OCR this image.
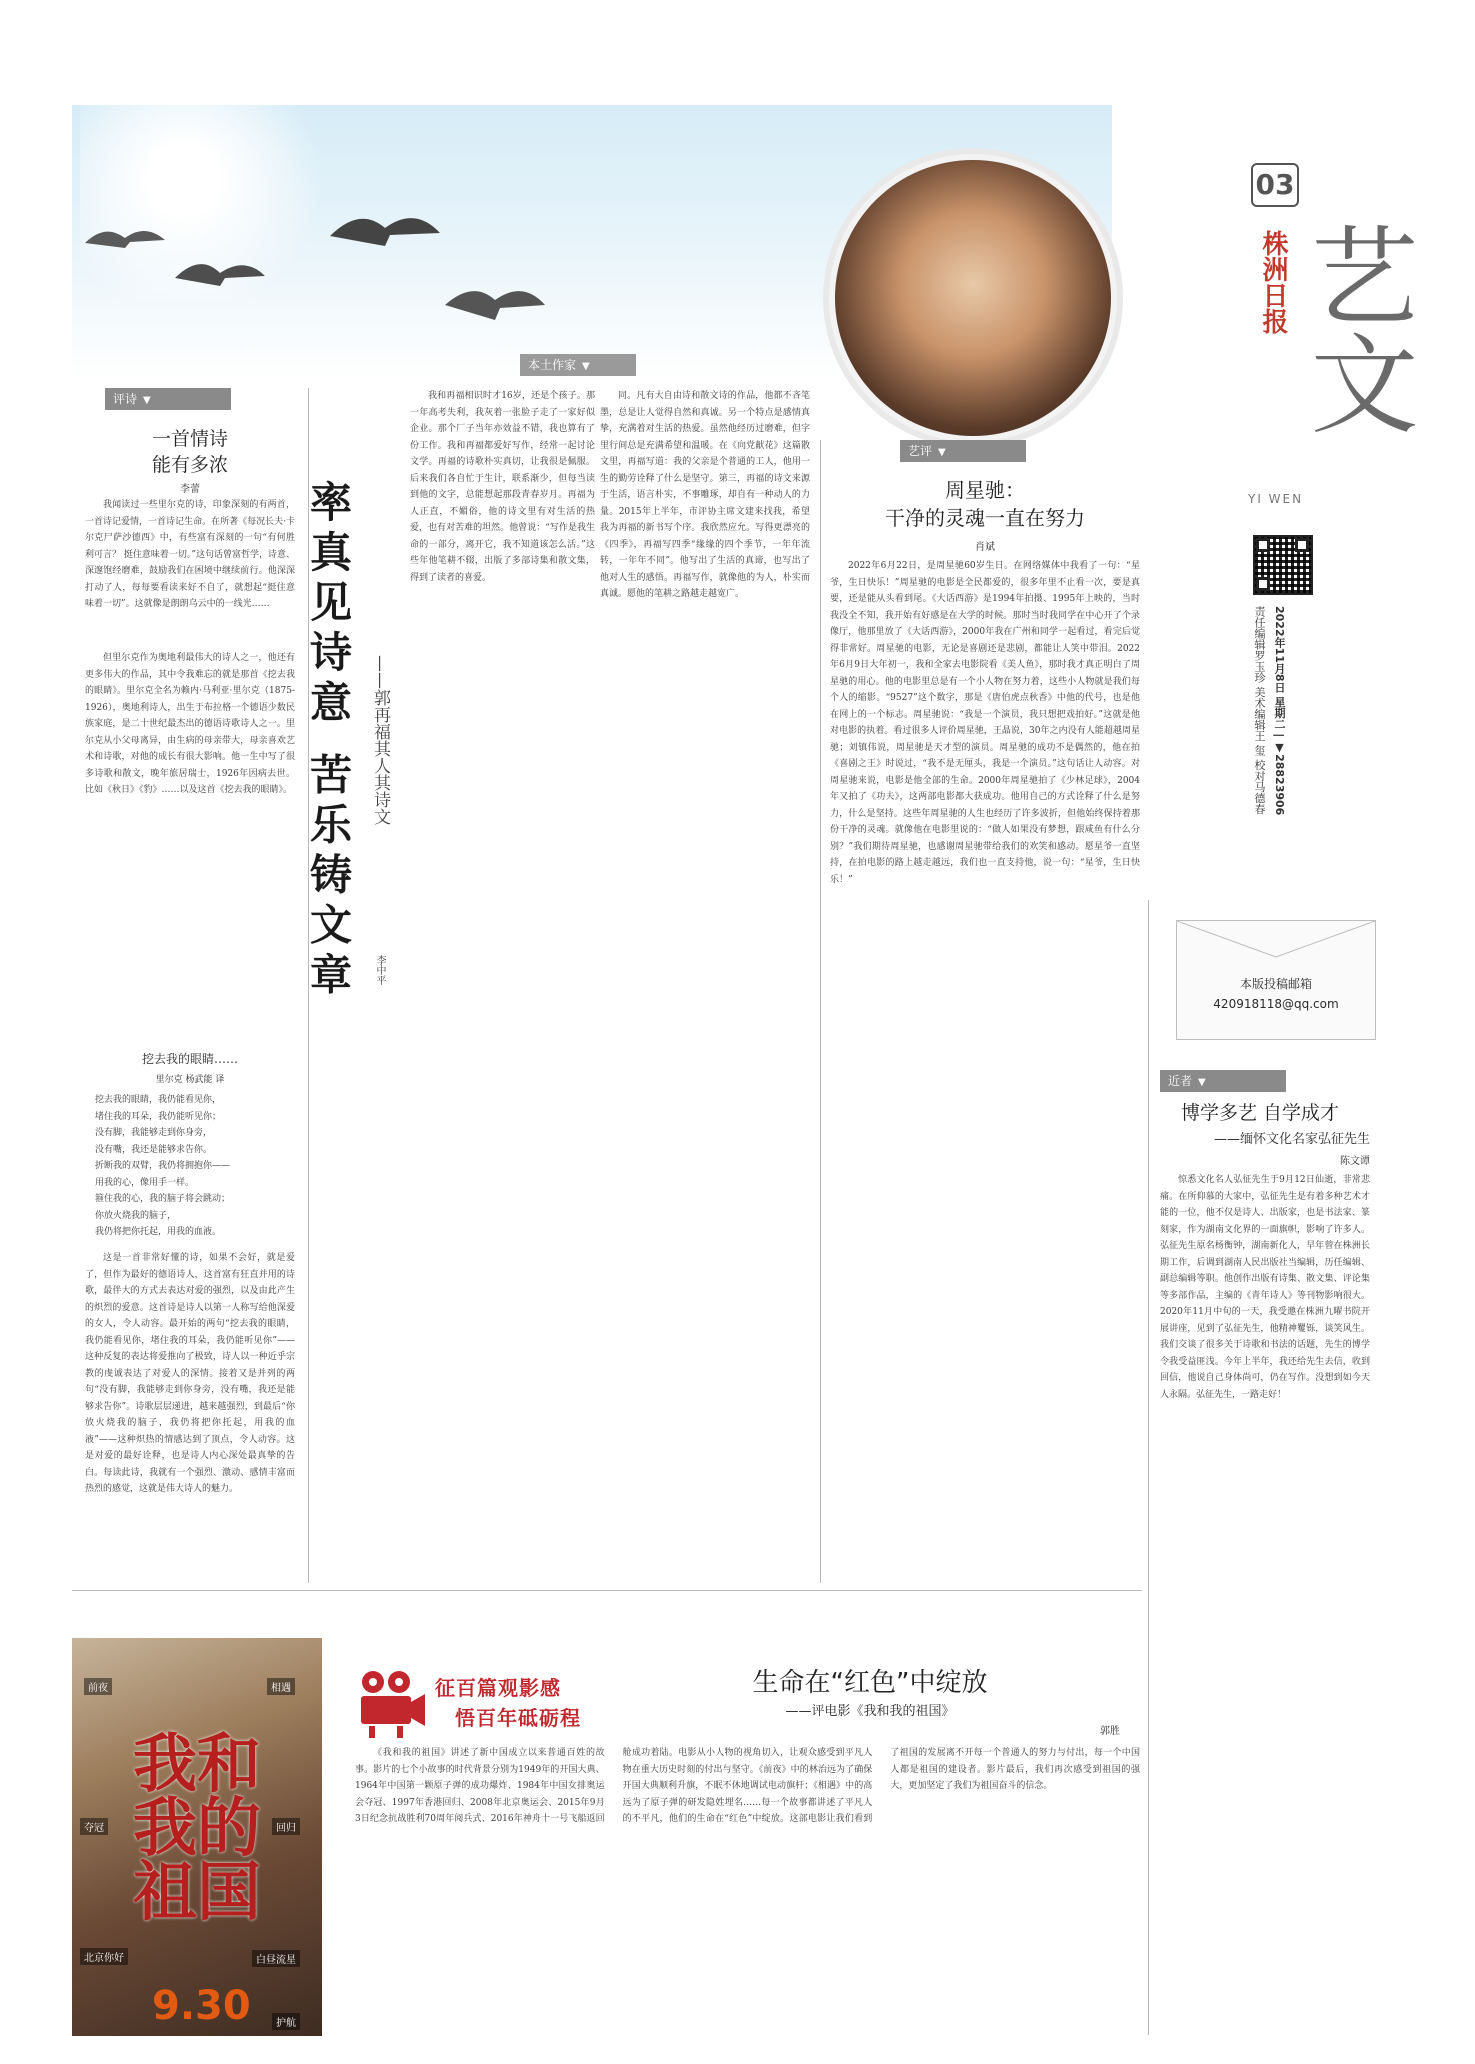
03
株洲日报 艺文
YI WEN
责任编辑罗玉珍 美术编辑王 玺 校对马德春 2022年11月8日 星期二 | ▼28823906
评诗 ▼
一首情诗
能有多浓
李蕾
我闻读过一些里尔克的诗，印象深刻的有两首，一首诗记爱情，一首诗记生命。在所著《每况长夫·卡尔克尸萨沙德西》中，有些富有深刻的一句“有何胜利可言？ 挺住意味着一切。”这句话曾富哲学，诗意、深邃饱经磨难，鼓励我们在困境中继续前行。他深深打动了人，每每要看读来好不自了，就想起“挺住意味着一切”。这就像是朗朗乌云中的一线光……
但里尔克作为奥地利最伟大的诗人之一，他还有更多伟大的作品，其中令我难忘的就是那首《挖去我的眼睛》。里尔克全名为赖内·马利亚·里尔克（1875-1926），奥地利诗人，出生于布拉格一个德语少数民族家庭，是二十世纪最杰出的德语诗歌诗人之一。里尔克从小父母离异，由生病的母亲带大，母亲喜欢艺术和诗歌，对他的成长有很大影响。他一生中写了很多诗歌和散文，晚年旅居瑞士，1926年因病去世。比如《秋日》《豹》……以及这首《挖去我的眼睛》。
挖去我的眼睛……
里尔克 杨武能 译
挖去我的眼睛，我仍能看见你，
堵住我的耳朵，我仍能听见你；
没有脚，我能够走到你身旁，
没有嘴，我还是能够求告你。
折断我的双臂，我仍将拥抱你——
用我的心，像用手一样。
箍住我的心，我的脑子将会跳动；
你放火烧我的脑子，
我仍将把你托起，用我的血液。
这是一首非常好懂的诗，如果不会好，就是爱了，但作为最好的德语诗人，这首富有狂直并用的诗歌，最伴大的方式去表达对爱的强烈，以及由此产生的炽烈的爱意。这首诗是诗人以第一人称写给他深爱的女人，令人动容。最开始的两句“挖去我的眼睛，我仍能看见你，堵住我的耳朵，我仍能听见你”——这种反复的表达将爱推向了极致，诗人以一种近乎宗教的虔诚表达了对爱人的深情。接着又是并列的两句“没有脚，我能够走到你身旁，没有嘴，我还是能够求告你”。诗歌层层递进，越来越强烈，到最后“你放火烧我的脑子，我仍将把你托起，用我的血液”——这种炽热的情感达到了顶点，令人动容。这是对爱的最好诠释，也是诗人内心深处最真挚的告白。每读此诗，我就有一个强烈、激动、感情丰富而热烈的感觉，这就是伟大诗人的魅力。
本土作家 ▼
率真见诗意 苦乐铸文章 ——郭再福其人其诗文
李中平
我和再福相识时才16岁，还是个孩子。那一年高考失利，我灰着一张脸子走了一家好似企业。那个厂子当年亦效益不错，我也算有了份工作。我和再福都爱好写作，经常一起讨论文学。再福的诗歌朴实真切，让我很是佩服。后来我们各自忙于生计，联系渐少，但每当读到他的文字，总能想起那段青春岁月。再福为人正直，不媚俗，他的诗文里有对生活的热爱，也有对苦难的坦然。他曾说：“写作是我生命的一部分，离开它，我不知道该怎么活。”这些年他笔耕不辍，出版了多部诗集和散文集，得到了读者的喜爱。
同。凡有大自由诗和散文诗的作品，他都不吝笔墨，总是让人觉得自然和真诚。另一个特点是感情真挚，充满着对生活的热爱。虽然他经历过磨难，但字里行间总是充满希望和温暖。在《向党献花》这篇散文里，再福写道：我的父亲是个普通的工人，他用一生的勤劳诠释了什么是坚守。第三，再福的诗文来源于生活，语言朴实，不事雕琢，却自有一种动人的力量。2015年上半年，市评协主席文建来找我，希望我为再福的新书写个序。我欣然应允。写得更漂亮的《四季》，再福写四季“缘缘的四个季节，一年年流转，一年年不同”。他写出了生活的真谛，也写出了他对人生的感悟。再福写作，就像他的为人，朴实而真诚。愿他的笔耕之路越走越宽广。
艺评 ▼
周星驰：
干净的灵魂一直在努力
肖斌
2022年6月22日，是周星驰60岁生日。在网络媒体中我看了一句：“星爷，生日快乐！”周星驰的电影是全民都爱的，很多年里不止看一次，要是真要，还是能从头看到尾。《大话西游》是1994年拍摄、1995年上映的，当时我没全不知，我开始有好感是在大学的时候。那时当时我同学在中心开了个录像厅，他那里放了《大话西游》，2000年我在广州和同学一起看过，看完后觉得非常好。周星驰的电影，无论是喜剧还是悲剧，都能让人笑中带泪。2022年6月9日大年初一，我和全家去电影院看《美人鱼》，那时我才真正明白了周星驰的用心。他的电影里总是有一个小人物在努力着，这些小人物就是我们每个人的缩影。“9527”这个数字，那是《唐伯虎点秋香》中他的代号，也是他在网上的一个标志。周星驰说：“我是一个演员，我只想把戏拍好。”这就是他对电影的执着。看过很多人评价周星驰，王晶说，30年之内没有人能超越周星驰；刘镇伟说，周星驰是天才型的演员。周星驰的成功不是偶然的，他在拍《喜剧之王》时说过，“我不是无厘头，我是一个演员。”这句话让人动容。对周星驰来说，电影是他全部的生命。2000年周星驰拍了《少林足球》，2004年又拍了《功夫》，这两部电影都大获成功。他用自己的方式诠释了什么是努力，什么是坚持。这些年周星驰的人生也经历了许多波折，但他始终保持着那份干净的灵魂。就像他在电影里说的：“做人如果没有梦想，跟咸鱼有什么分别？”我们期待周星驰，也感谢周星驰带给我们的欢笑和感动。愿星爷一直坚持，在拍电影的路上越走越远，我们也一直支持他，说一句：“星爷，生日快乐！”
本版投稿邮箱
420918118@qq.com
近者 ▼
博学多艺 自学成才
——缅怀文化名家弘征先生
陈文谭
惊悉文化名人弘征先生于9月12日仙逝，非常悲痛。在所仰慕的大家中，弘征先生是有着多种艺术才能的一位，他不仅是诗人、出版家，也是书法家、篆刻家，作为湖南文化界的一面旗帜，影响了许多人。弘征先生原名杨衡钟，湖南新化人，早年曾在株洲长期工作，后调到湖南人民出版社当编辑，历任编辑、副总编辑等职。他创作出版有诗集、散文集、评论集等多部作品，主编的《青年诗人》等刊物影响很大。2020年11月中旬的一天，我受邀在株洲九曜书院开展讲座，见到了弘征先生，他精神矍铄，谈笑风生。我们交谈了很多关于诗歌和书法的话题，先生的博学令我受益匪浅。今年上半年，我还给先生去信，收到回信，他说自己身体尚可，仍在写作。没想到如今天人永隔。弘征先生，一路走好！
我和我的祖国
9.30
前夜	相遇
夺冠	回归
北京你好	白昼流星
护航
征百篇观影感
悟百年砥砺程
生命在“红色”中绽放
——评电影《我和我的祖国》
郭胜
《我和我的祖国》讲述了新中国成立以来普通百姓的故事。影片的七个小故事的时代背景分别为1949年的开国大典、1964年中国第一颗原子弹的成功爆炸、1984年中国女排奥运会夺冠、1997年香港回归、2008年北京奥运会、2015年9月3日纪念抗战胜利70周年阅兵式、2016年神舟十一号飞船返回舱成功着陆。电影从小人物的视角切入，让观众感受到平凡人物在重大历史时刻的付出与坚守。《前夜》中的林治远为了确保开国大典顺利升旗，不眠不休地调试电动旗杆；《相遇》中的高远为了原子弹的研发隐姓埋名……每一个故事都讲述了平凡人的不平凡，他们的生命在“红色”中绽放。这部电影让我们看到了祖国的发展离不开每一个普通人的努力与付出，每一个中国人都是祖国的建设者。影片最后，我们再次感受到祖国的强大，更加坚定了我们为祖国奋斗的信念。
